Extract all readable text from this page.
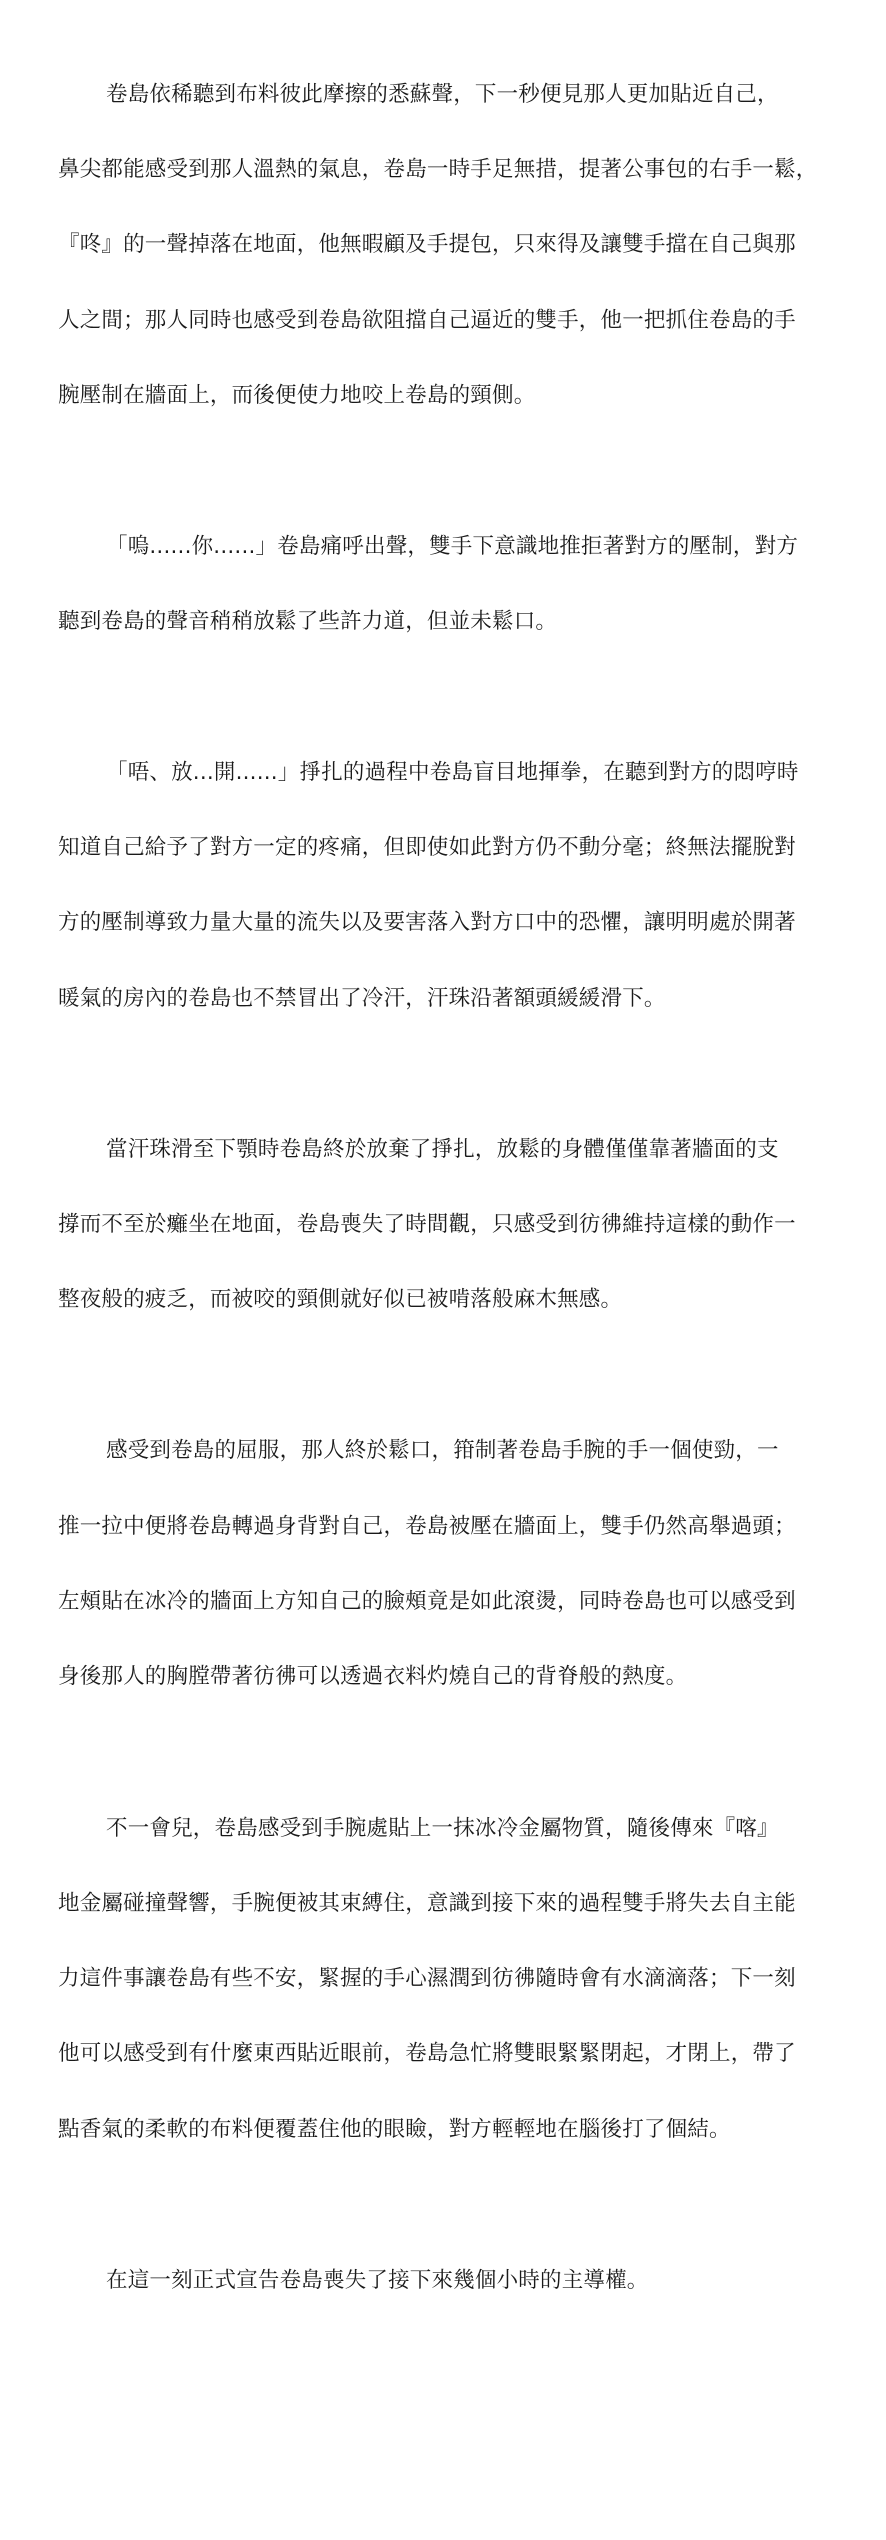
卷島依稀聽到布料彼此摩擦的悉蘇聲，下一秒便見那人更加貼近自己，
鼻尖都能感受到那人溫熱的氣息，卷島一時手足無措，提著公事包的右手一鬆，
『咚』的一聲掉落在地面，他無暇顧及手提包，只來得及讓雙手擋在自己與那
人之間；那人同時也感受到卷島欲阻擋自己逼近的雙手，他一把抓住卷島的手
腕壓制在牆面上，而後便使力地咬上卷島的頸側。
「嗚......你......」卷島痛呼出聲，雙手下意識地推拒著對方的壓制，對方
聽到卷島的聲音稍稍放鬆了些許力道，但並未鬆口。
「唔、放...開......」掙扎的過程中卷島盲目地揮拳，在聽到對方的悶哼時
知道自己給予了對方一定的疼痛，但即使如此對方仍不動分毫；終無法擺脫對
方的壓制導致力量大量的流失以及要害落入對方口中的恐懼，讓明明處於開著
暖氣的房內的卷島也不禁冒出了冷汗，汗珠沿著額頭緩緩滑下。
當汗珠滑至下顎時卷島終於放棄了掙扎，放鬆的身體僅僅靠著牆面的支
撐而不至於癱坐在地面，卷島喪失了時間觀，只感受到彷彿維持這樣的動作一
整夜般的疲乏，而被咬的頸側就好似已被啃落般麻木無感。
感受到卷島的屈服，那人終於鬆口，箝制著卷島手腕的手一個使勁，一
推一拉中便將卷島轉過身背對自己，卷島被壓在牆面上，雙手仍然高舉過頭；
左頰貼在冰冷的牆面上方知自己的臉頰竟是如此滾燙，同時卷島也可以感受到
身後那人的胸膛帶著彷彿可以透過衣料灼燒自己的背脊般的熱度。
不一會兒，卷島感受到手腕處貼上一抹冰冷金屬物質，隨後傳來『喀』
地金屬碰撞聲響，手腕便被其束縛住，意識到接下來的過程雙手將失去自主能
力這件事讓卷島有些不安，緊握的手心濕潤到彷彿隨時會有水滴滴落；下一刻
他可以感受到有什麼東西貼近眼前，卷島急忙將雙眼緊緊閉起，才閉上，帶了
點香氣的柔軟的布料便覆蓋住他的眼瞼，對方輕輕地在腦後打了個結。
在這一刻正式宣告卷島喪失了接下來幾個小時的主導權。
